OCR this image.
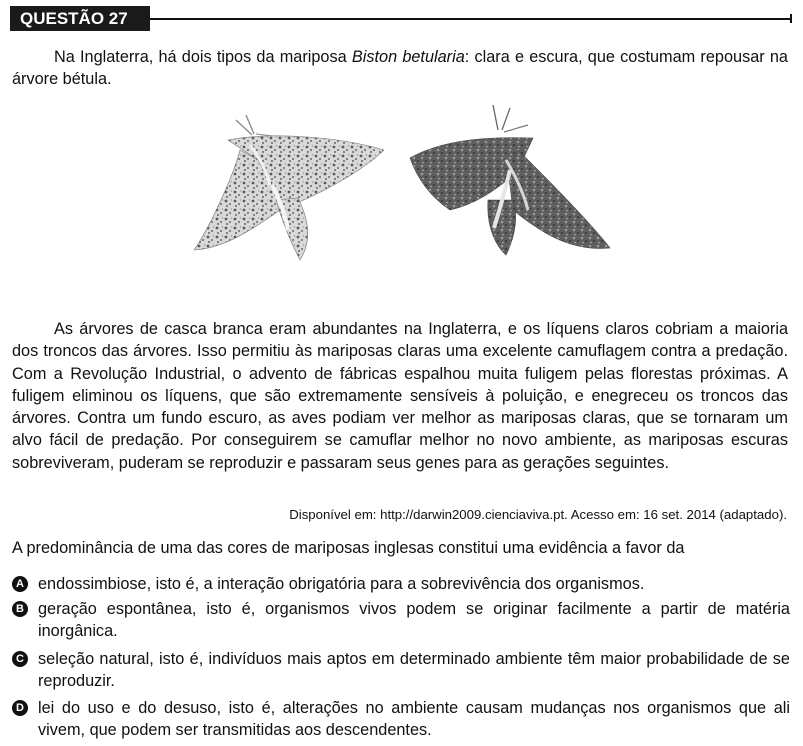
QUESTÃO 27
Na Inglaterra, há dois tipos da mariposa Biston betularia: clara e escura, que costumam repousar na árvore bétula.
As árvores de casca branca eram abundantes na Inglaterra, e os líquens claros cobriam a maioria dos troncos das árvores. Isso permitiu às mariposas claras uma excelente camuflagem contra a predação. Com a Revolução Industrial, o advento de fábricas espalhou muita fuligem pelas florestas próximas. A fuligem eliminou os líquens, que são extremamente sensíveis à poluição, e enegreceu os troncos das árvores. Contra um fundo escuro, as aves podiam ver melhor as mariposas claras, que se tornaram um alvo fácil de predação. Por conseguirem se camuflar melhor no novo ambiente, as mariposas escuras sobreviveram, puderam se reproduzir e passaram seus genes para as gerações seguintes.
Disponível em: http://darwin2009.cienciaviva.pt. Acesso em: 16 set. 2014 (adaptado).
A predominância de uma das cores de mariposas inglesas constitui uma evidência a favor da
A endossimbiose, isto é, a interação obrigatória para a sobrevivência dos organismos.
B geração espontânea, isto é, organismos vivos podem se originar facilmente a partir de matéria inorgânica.
C seleção natural, isto é, indivíduos mais aptos em determinado ambiente têm maior probabilidade de se reproduzir.
D lei do uso e do desuso, isto é, alterações no ambiente causam mudanças nos organismos que ali vivem, que podem ser transmitidas aos descendentes.
